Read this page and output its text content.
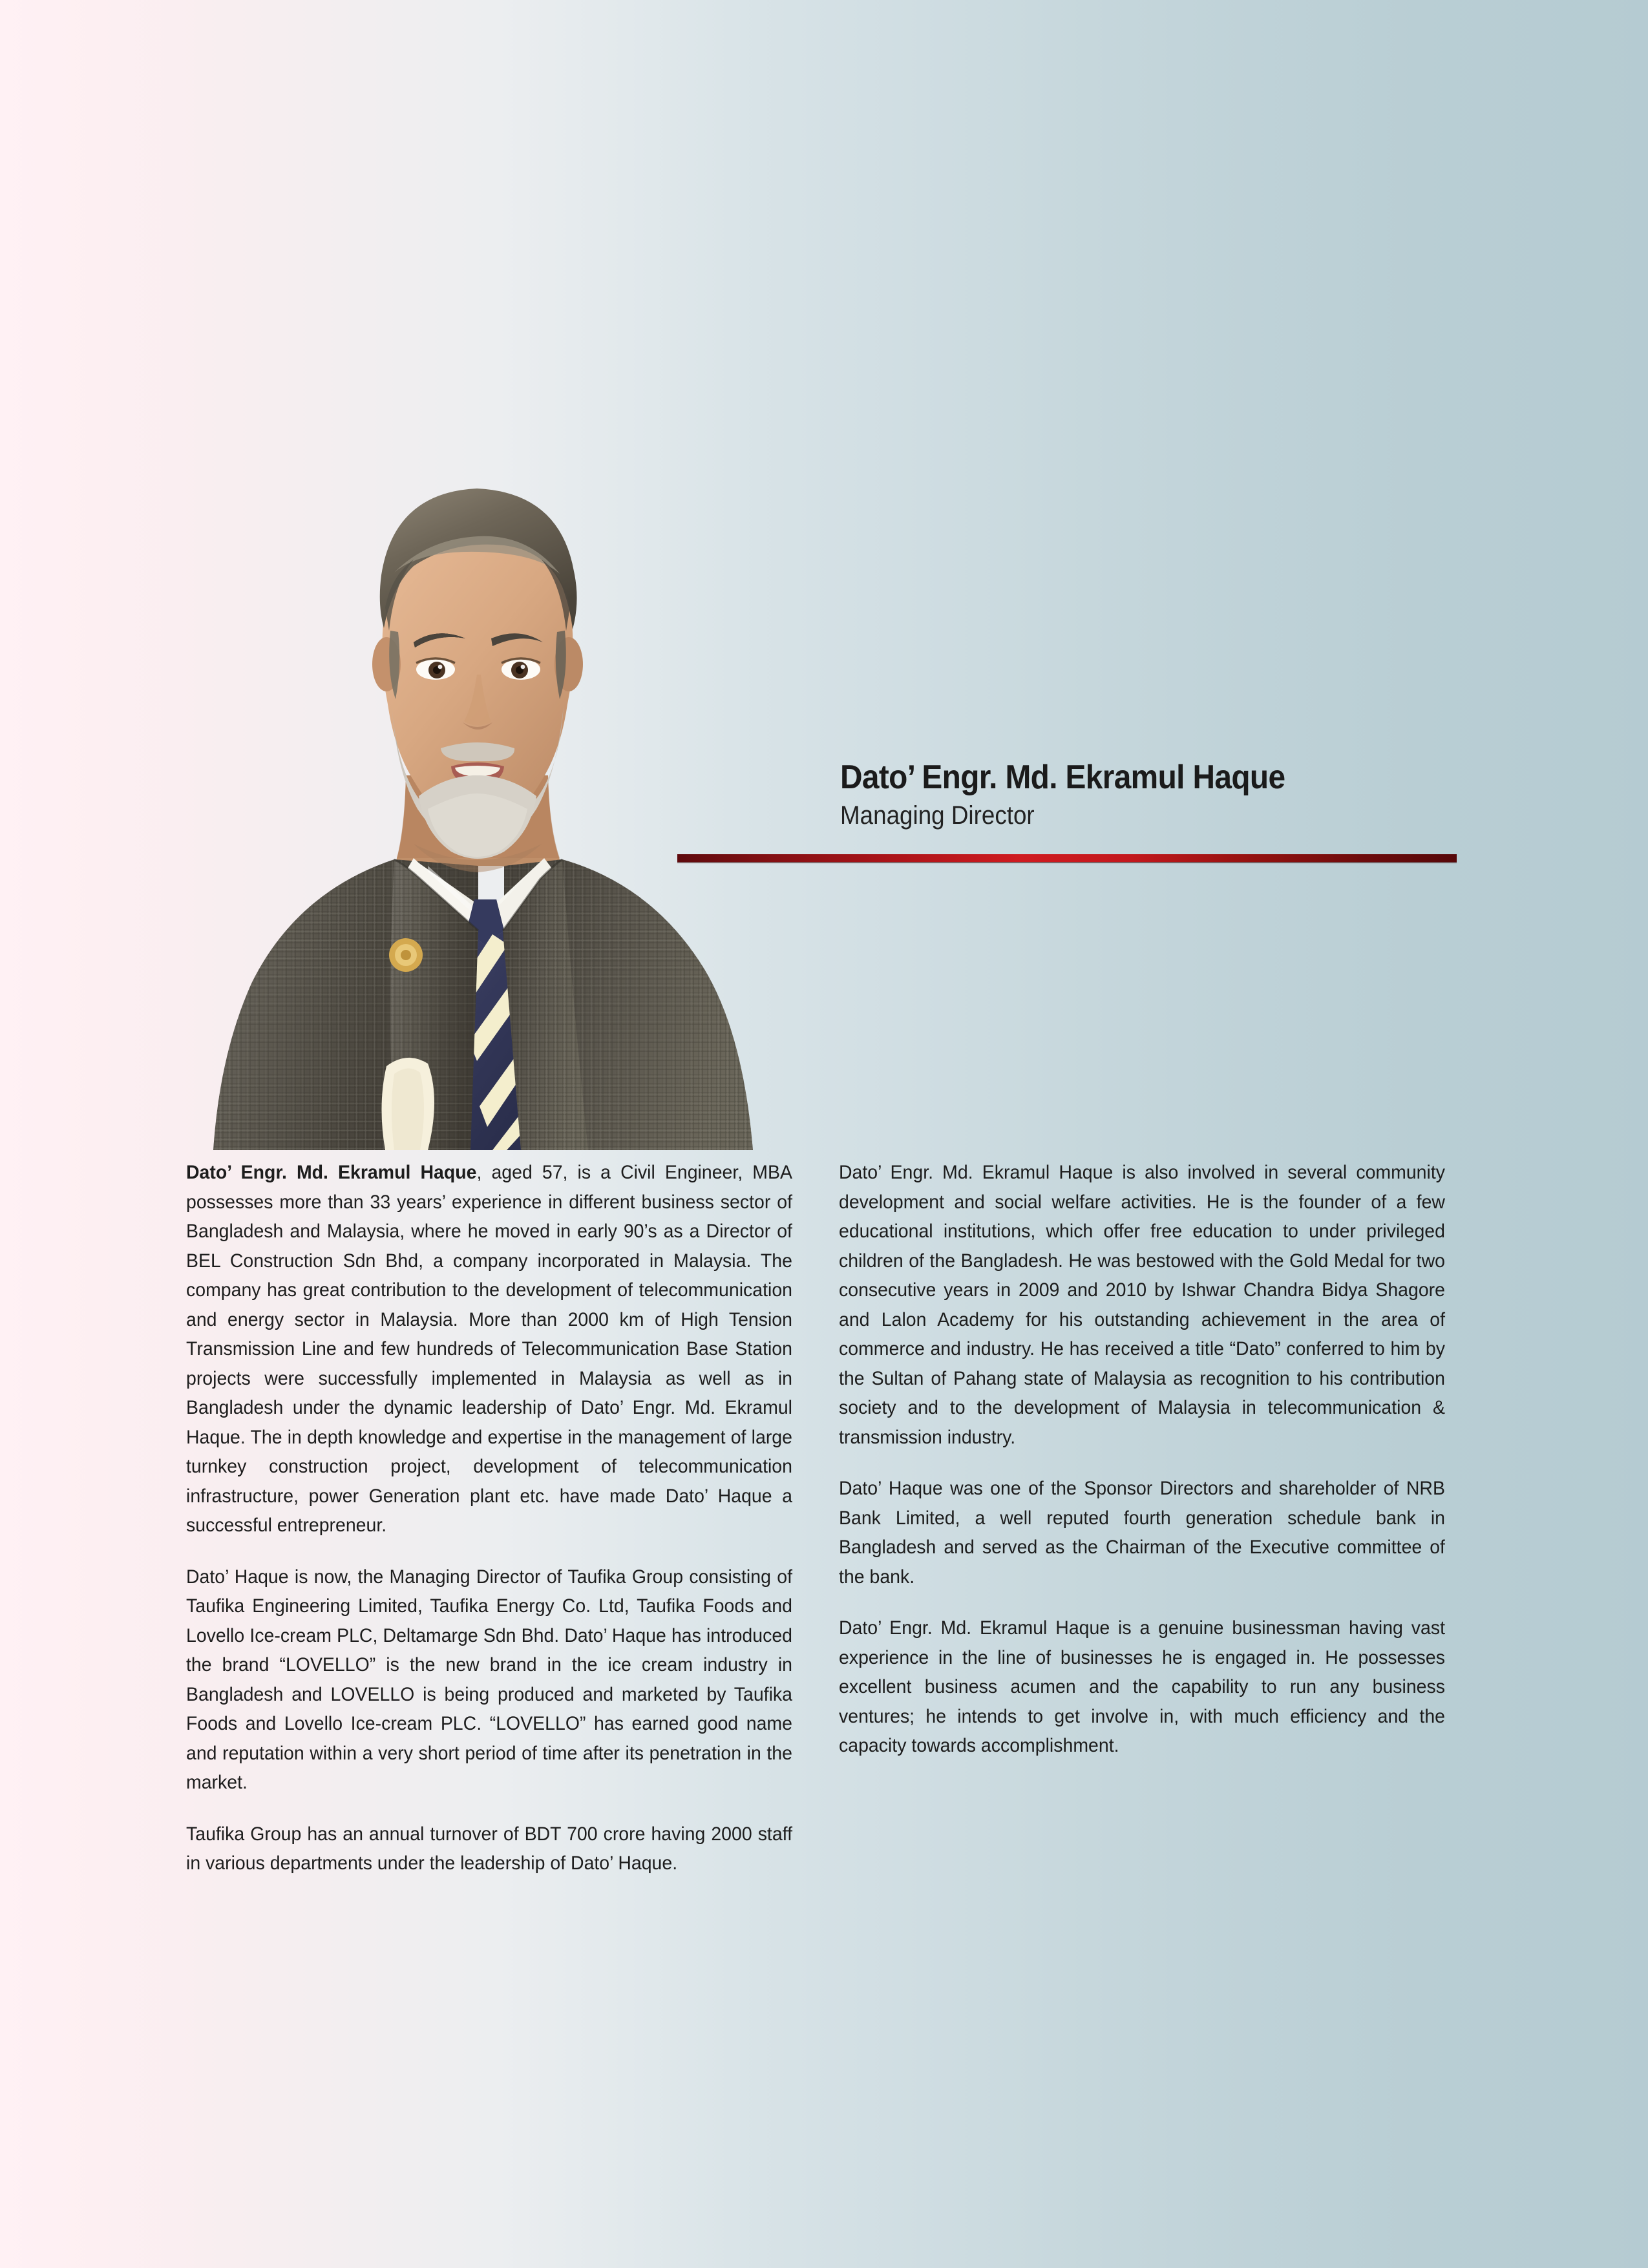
Dato’ Engr. Md. Ekramul Haque
Managing Director

Dato’ Engr. Md. Ekramul Haque, aged 57, is a Civil Engineer, MBA possesses more than 33 years’ experience in different business sector of Bangladesh and Malaysia, where he moved in early 90’s as a Director of BEL Construction Sdn Bhd, a company incorporated in Malaysia. The company has great contribution to the development of telecommunication and energy sector in Malaysia. More than 2000 km of High Tension Transmission Line and few hundreds of Telecommunication Base Station projects were successfully implemented in Malaysia as well as in Bangladesh under the dynamic leadership of Dato’ Engr. Md. Ekramul Haque. The in depth knowledge and expertise in the management of large turnkey construction project, development of telecommunication infrastructure, power Generation plant etc. have made Dato’ Haque a successful entrepreneur.

Dato’ Haque is now, the Managing Director of Taufika Group consisting of Taufika Engineering Limited, Taufika Energy Co. Ltd, Taufika Foods and Lovello Ice-cream PLC, Deltamarge Sdn Bhd. Dato’ Haque has introduced the brand “LOVELLO” is the new brand in the ice cream industry in Bangladesh and LOVELLO is being produced and marketed by Taufika Foods and Lovello Ice-cream PLC. “LOVELLO” has earned good name and reputation within a very short period of time after its penetration in the market.

Taufika Group has an annual turnover of BDT 700 crore having 2000 staff in various departments under the leadership of Dato’ Haque.

Dato’ Engr. Md. Ekramul Haque is also involved in several community development and social welfare activities. He is the founder of a few educational institutions, which offer free education to under privileged children of the Bangladesh. He was bestowed with the Gold Medal for two consecutive years in 2009 and 2010 by Ishwar Chandra Bidya Shagore and Lalon Academy for his outstanding achievement in the area of commerce and industry. He has received a title “Dato” conferred to him by the Sultan of Pahang state of Malaysia as recognition to his contribution society and to the development of Malaysia in telecommunication & transmission industry.

Dato’ Haque was one of the Sponsor Directors and shareholder of NRB Bank Limited, a well reputed fourth generation schedule bank in Bangladesh and served as the Chairman of the Executive committee of the bank.

Dato’ Engr. Md. Ekramul Haque is a genuine businessman having vast experience in the line of businesses he is engaged in. He possesses excellent business acumen and the capability to run any business ventures; he intends to get involve in, with much efficiency and the capacity towards accomplishment.
